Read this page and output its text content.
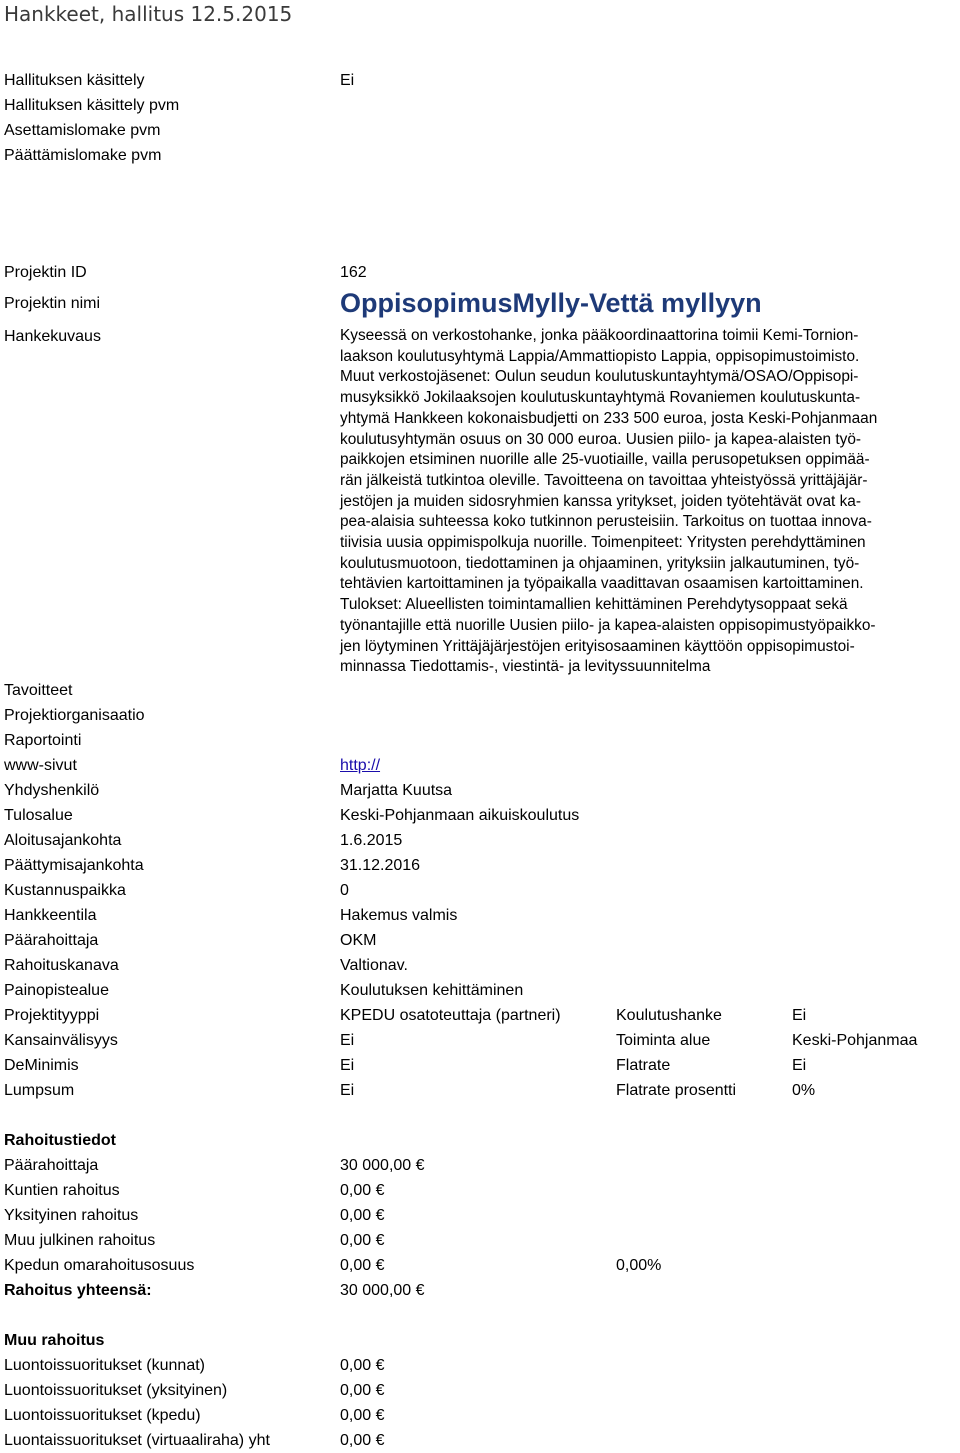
Hankkeet, hallitus 12.5.2015
Hallituksen käsittely	Ei
Hallituksen käsittely pvm
Asettamislomake pvm
Päättämislomake pvm
Projektin ID	162
Projektin nimi	OppisopimusMylly-Vettä myllyyn
Hankekuvaus	Kyseessä on verkostohanke, jonka pääkoordinaattorina toimii Kemi-Tornion-
laakson koulutusyhtymä Lappia/Ammattiopisto Lappia, oppisopimustoimisto.
Muut verkostojäsenet: Oulun seudun koulutuskuntayhtymä/OSAO/Oppisopi-
musyksikkö Jokilaaksojen koulutuskuntayhtymä Rovaniemen koulutuskunta-
yhtymä Hankkeen kokonaisbudjetti on 233 500 euroa, josta Keski-Pohjanmaan
koulutusyhtymän osuus on 30 000 euroa. Uusien piilo- ja kapea-alaisten työ-
paikkojen etsiminen nuorille alle 25-vuotiaille, vailla perusopetuksen oppimää-
rän jälkeistä tutkintoa oleville. Tavoitteena on tavoittaa yhteistyössä yrittäjäjär-
jestöjen ja muiden sidosryhmien kanssa yritykset, joiden työtehtävät ovat ka-
pea-alaisia suhteessa koko tutkinnon perusteisiin. Tarkoitus on tuottaa innova-
tiivisia uusia oppimispolkuja nuorille. Toimenpiteet: Yritysten perehdyttäminen
koulutusmuotoon, tiedottaminen ja ohjaaminen, yrityksiin jalkautuminen, työ-
tehtävien kartoittaminen ja työpaikalla vaadittavan osaamisen kartoittaminen.
Tulokset: Alueellisten toimintamallien kehittäminen Perehdytysoppaat sekä
työnantajille että nuorille Uusien piilo- ja kapea-alaisten oppisopimustyöpaikko-
jen löytyminen Yrittäjäjärjestöjen erityisosaaminen käyttöön oppisopimustoi-
minnassa Tiedottamis-, viestintä- ja levityssuunnitelma
Tavoitteet
Projektiorganisaatio
Raportointi
www-sivut	http://
Yhdyshenkilö	Marjatta Kuutsa
Tulosalue	Keski-Pohjanmaan aikuiskoulutus
Aloitusajankohta	1.6.2015
Päättymisajankohta	31.12.2016
Kustannuspaikka	0
Hankkeentila	Hakemus valmis
Päärahoittaja	OKM
Rahoituskanava	Valtionav.
Painopistealue	Koulutuksen kehittäminen
Projektityyppi	KPEDU osatoteuttaja (partneri)	Koulutushanke	Ei
Kansainvälisyys	Ei	Toiminta alue	Keski-Pohjanmaa
DeMinimis	Ei	Flatrate	Ei
Lumpsum	Ei	Flatrate prosentti	0%
Rahoitustiedot
Päärahoittaja	30 000,00 €
Kuntien rahoitus	0,00 €
Yksityinen rahoitus	0,00 €
Muu julkinen rahoitus	0,00 €
Kpedun omarahoitusosuus	0,00 €	0,00%
Rahoitus yhteensä:	30 000,00 €
Muu rahoitus
Luontoissuoritukset (kunnat)	0,00 €
Luontoissuoritukset (yksityinen)	0,00 €
Luontoissuoritukset (kpedu)	0,00 €
Luontaissuoritukset (virtuaaliraha) yht	0,00 €
